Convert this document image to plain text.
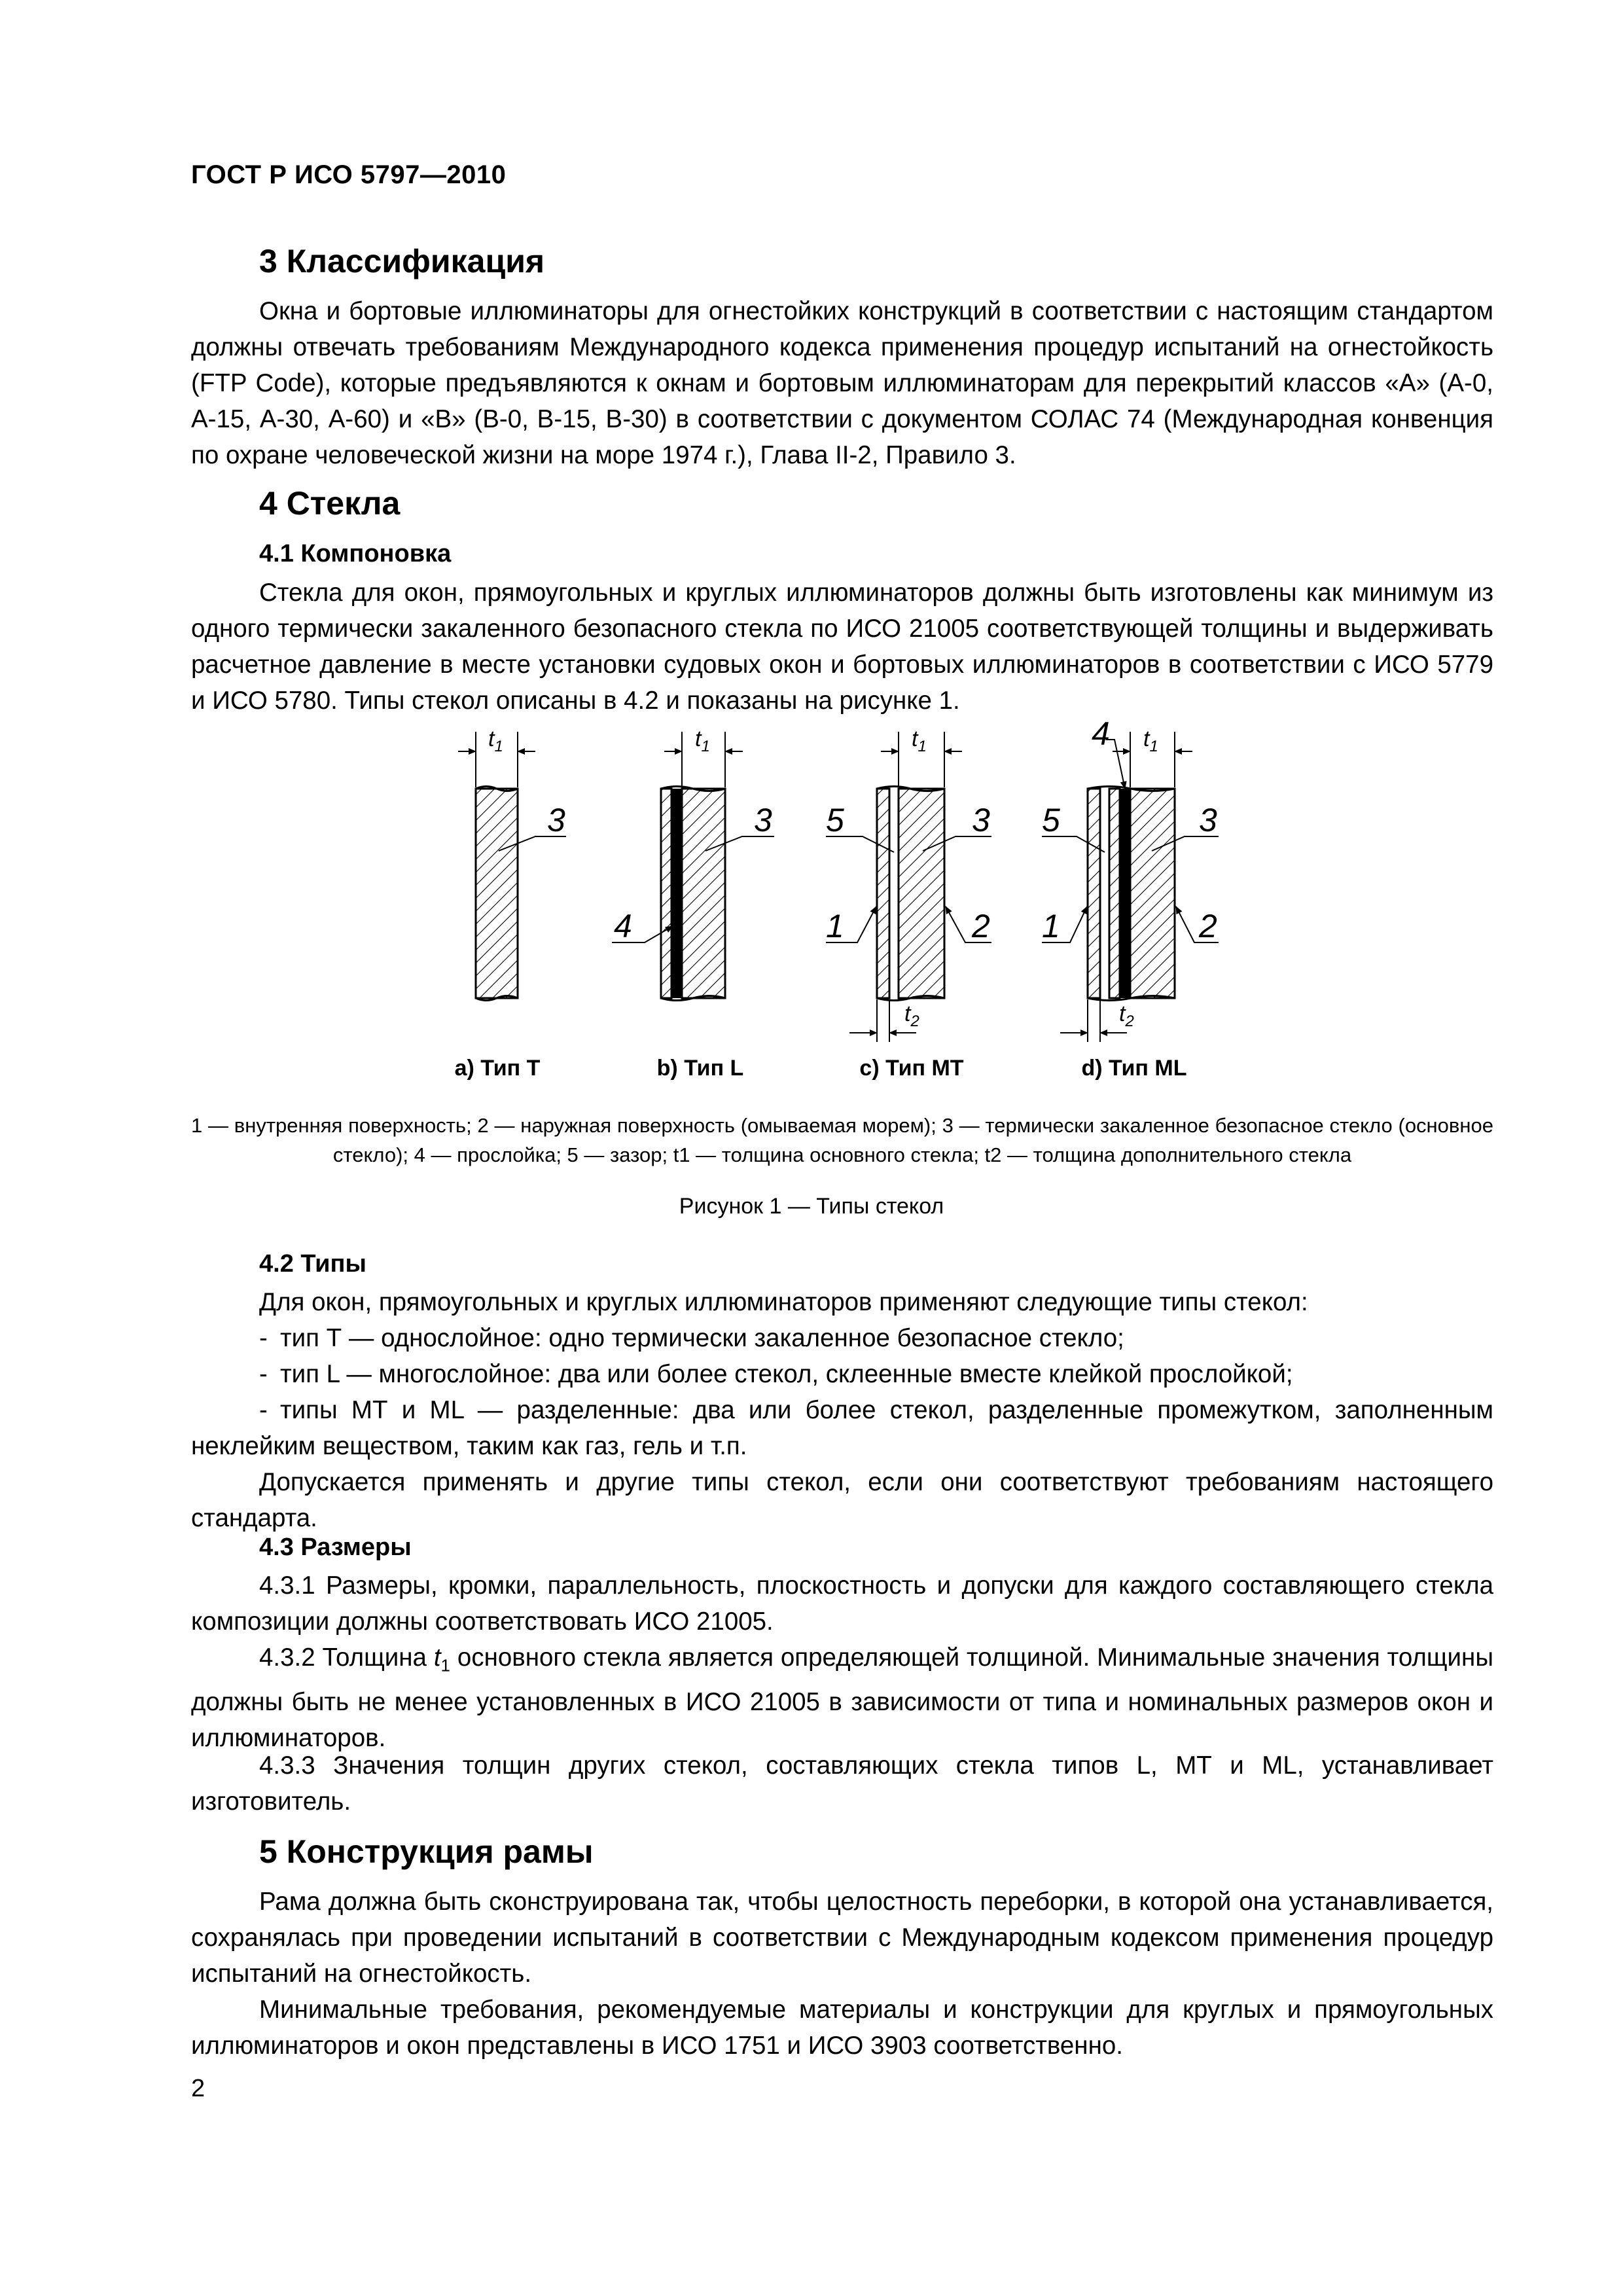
ГОСТ Р ИСО 5797—2010
3 Классификация

Окна и бортовые иллюминаторы для огнестойких конструкций в соответствии с настоящим стандартом должны отвечать требованиям Международного кодекса применения процедур испытаний на огнестойкость (FTP Code), которые предъявляются к окнам и бортовым иллюминаторам для перекрытий классов «А» (А-0, А-15, А-30, А-60) и «В» (В-0, В-15, В-30) в соответствии с документом СОЛАС 74 (Международная конвенция по охране человеческой жизни на море 1974 г.), Глава II-2, Правило 3.

4 Стекла
4.1 Компоновка

Стекла для окон, прямоугольных и круглых иллюминаторов должны быть изготовлены как минимум из одного термически закаленного безопасного стекла по ИСО 21005 соответствующей толщины и выдерживать расчетное давление в месте установки судовых окон и бортовых иллюминаторов в соответствии с ИСО 5779 и ИСО 5780. Типы стекол описаны в 4.2 и показаны на рисунке 1.

$t_1$
3
$t_1$
3
4
$t_1$
3
5
1	2
$t_2$
$t_1$
4
3
5
1	2
$t_2$
а) Тип Т	b) Тип L	c) Тип МТ	d) Тип ML

1 — внутренняя поверхность; 2 — наружная поверхность (омываемая морем); 3 — термически закаленное безопасное стекло (основное стекло); 4 — прослойка; 5 — зазор; t1 — толщина основного стекла; t2 — толщина дополнительного стекла

Рисунок 1 — Типы стекол
4.2 Типы

Для окон, прямоугольных и круглых иллюминаторов применяют следующие типы стекол:

- тип Т — однослойное: одно термически закаленное безопасное стекло;

- тип L — многослойное: два или более стекол, склеенные вместе клейкой прослойкой;

- типы МТ и ML — разделенные: два или более стекол, разделенные промежутком, заполненным неклейким веществом, таким как газ, гель и т.п.

Допускается применять и другие типы стекол, если они соответствуют требованиям настоящего стандарта.

4.3 Размеры

4.3.1 Размеры, кромки, параллельность, плоскостность и допуски для каждого составляющего стекла композиции должны соответствовать ИСО 21005.

4.3.2 Толщина $t_1$ основного стекла является определяющей толщиной. Минимальные значения толщины должны быть не менее установленных в ИСО 21005 в зависимости от типа и номинальных размеров окон и иллюминаторов.

4.3.3 Значения толщин других стекол, составляющих стекла типов L, МТ и ML, устанавливает изготовитель.

5 Конструкция рамы

Рама должна быть сконструирована так, чтобы целостность переборки, в которой она устанавливается, сохранялась при проведении испытаний в соответствии с Международным кодексом применения процедур испытаний на огнестойкость.

Минимальные требования, рекомендуемые материалы и конструкции для круглых и прямоугольных иллюминаторов и окон представлены в ИСО 1751 и ИСО 3903 соответственно.

2
